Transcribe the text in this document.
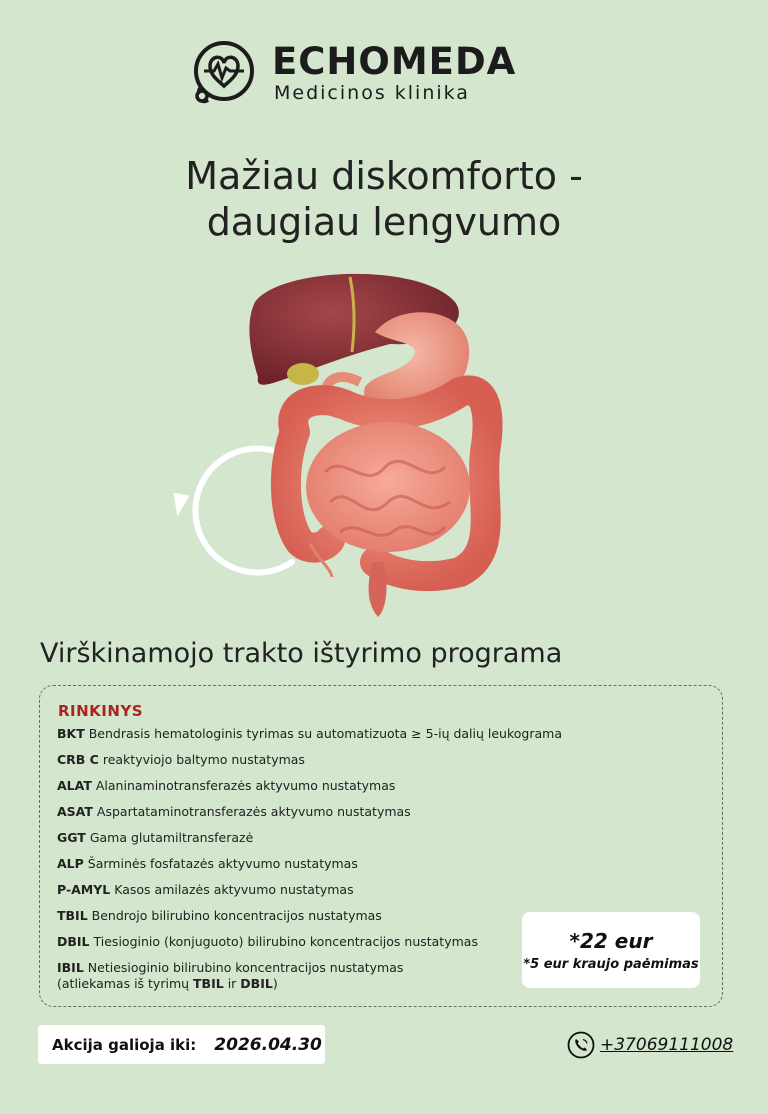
ECHOMEDA
Medicinos klinika
Mažiau diskomforto -
daugiau lengvumo
Virškinamojo trakto ištyrimo programa
RINKINYS
BKT Bendrasis hematologinis tyrimas su automatizuota ≥ 5-ių dalių leukograma
CRB C reaktyviojo baltymo nustatymas
ALAT Alaninaminotransferazės aktyvumo nustatymas
ASAT Aspartataminotransferazės aktyvumo nustatymas
GGT Gama glutamiltransferazė
ALP Šarminės fosfatazės aktyvumo nustatymas
P-AMYL Kasos amilazės aktyvumo nustatymas
TBIL Bendrojo bilirubino koncentracijos nustatymas
DBIL Tiesioginio (konjuguoto) bilirubino koncentracijos nustatymas
IBIL Netiesioginio bilirubino koncentracijos nustatymas
(atliekamas iš tyrimų TBIL ir DBIL)
*22 eur
*5 eur kraujo paėmimas
Akcija galioja iki: 2026.04.30	+37069111008
